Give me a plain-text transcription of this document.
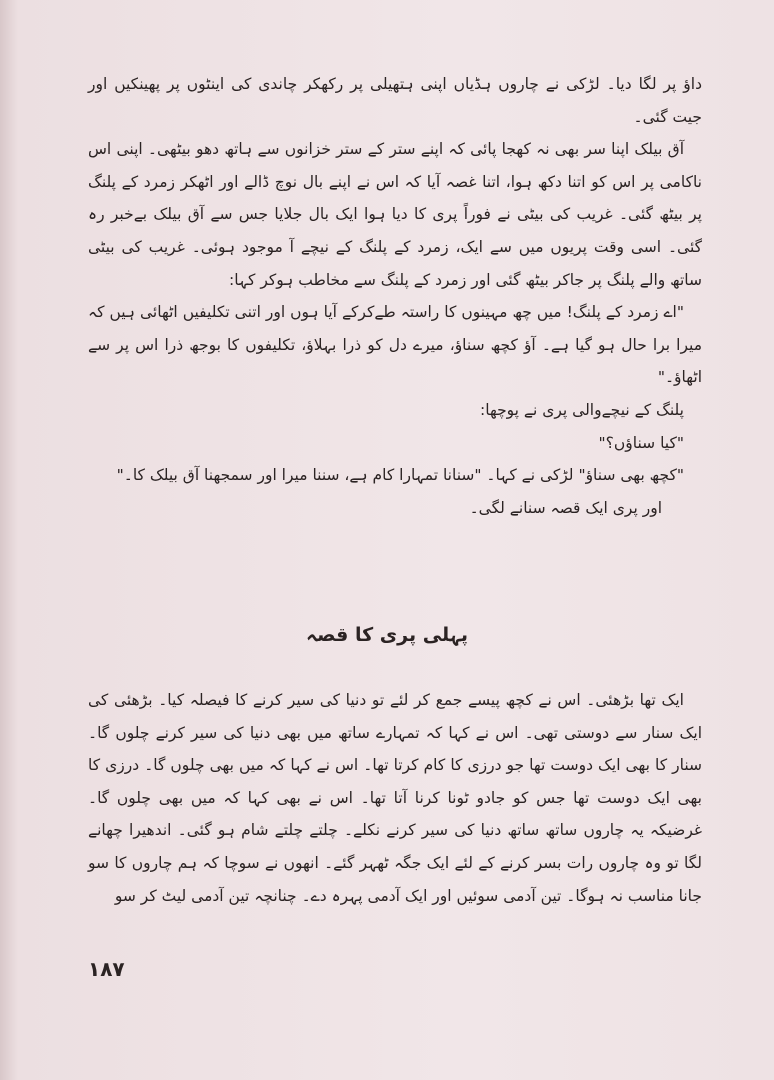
داؤ پر لگا دیا۔ لڑکی نے چاروں ہڈیاں اپنی ہتھیلی پر رکھکر چاندی کی اینٹوں پر پھینکیں اور جیت گئی۔

آق بیلک اپنا سر بھی نہ کھجا پائی کہ اپنے ستر کے ستر خزانوں سے ہاتھ دھو بیٹھی۔ اپنی اس ناکامی پر اس کو اتنا دکھ ہوا، اتنا غصہ آیا کہ اس نے اپنے بال نوچ ڈالے اور اٹھکر زمرد کے پلنگ پر بیٹھ گئی۔ غریب کی بیٹی نے فوراً پری کا دیا ہوا ایک بال جلایا جس سے آق بیلک بےخبر رہ گئی۔ اسی وقت پریوں میں سے ایک، زمرد کے پلنگ کے نیچے آ موجود ہوئی۔ غریب کی بیٹی ساتھ والے پلنگ پر جاکر بیٹھ گئی اور زمرد کے پلنگ سے مخاطب ہوکر کہا:

"اے زمرد کے پلنگ! میں چھ مہینوں کا راستہ طےکرکے آیا ہوں اور اتنی تکلیفیں اٹھائی ہیں کہ میرا برا حال ہو گیا ہے۔ آؤ کچھ سناؤ، میرے دل کو ذرا بہلاؤ، تکلیفوں کا بوجھ ذرا اس پر سے اٹھاؤ۔"

پلنگ کے نیچےوالی پری نے پوچھا:

"کیا سناؤں؟"

"کچھ بھی سناؤ" لڑکی نے کہا۔ "سنانا تمہارا کام ہے، سننا میرا اور سمجھنا آق بیلک کا۔"

اور پری ایک قصہ سنانے لگی۔

پہلی پری کا قصہ

ایک تھا بڑھئی۔ اس نے کچھ پیسے جمع کر لئے تو دنیا کی سیر کرنے کا فیصلہ کیا۔ بڑھئی کی ایک سنار سے دوستی تھی۔ اس نے کہا کہ تمہارے ساتھ میں بھی دنیا کی سیر کرنے چلوں گا۔ سنار کا بھی ایک دوست تھا جو درزی کا کام کرتا تھا۔ اس نے کہا کہ میں بھی چلوں گا۔ درزی کا بھی ایک دوست تھا جس کو جادو ٹونا کرنا آتا تھا۔ اس نے بھی کہا کہ میں بھی چلوں گا۔ غرضیکہ یہ چاروں ساتھ ساتھ دنیا کی سیر کرنے نکلے۔ چلتے چلتے شام ہو گئی۔ اندھیرا چھانے لگا تو وہ چاروں رات بسر کرنے کے لئے ایک جگہ ٹھہر گئے۔ انھوں نے سوچا کہ ہم چاروں کا سو جانا مناسب نہ ہوگا۔ تین آدمی سوئیں اور ایک آدمی پہرہ دے۔ چنانچہ تین آدمی لیٹ کر سو

۱۸۷
